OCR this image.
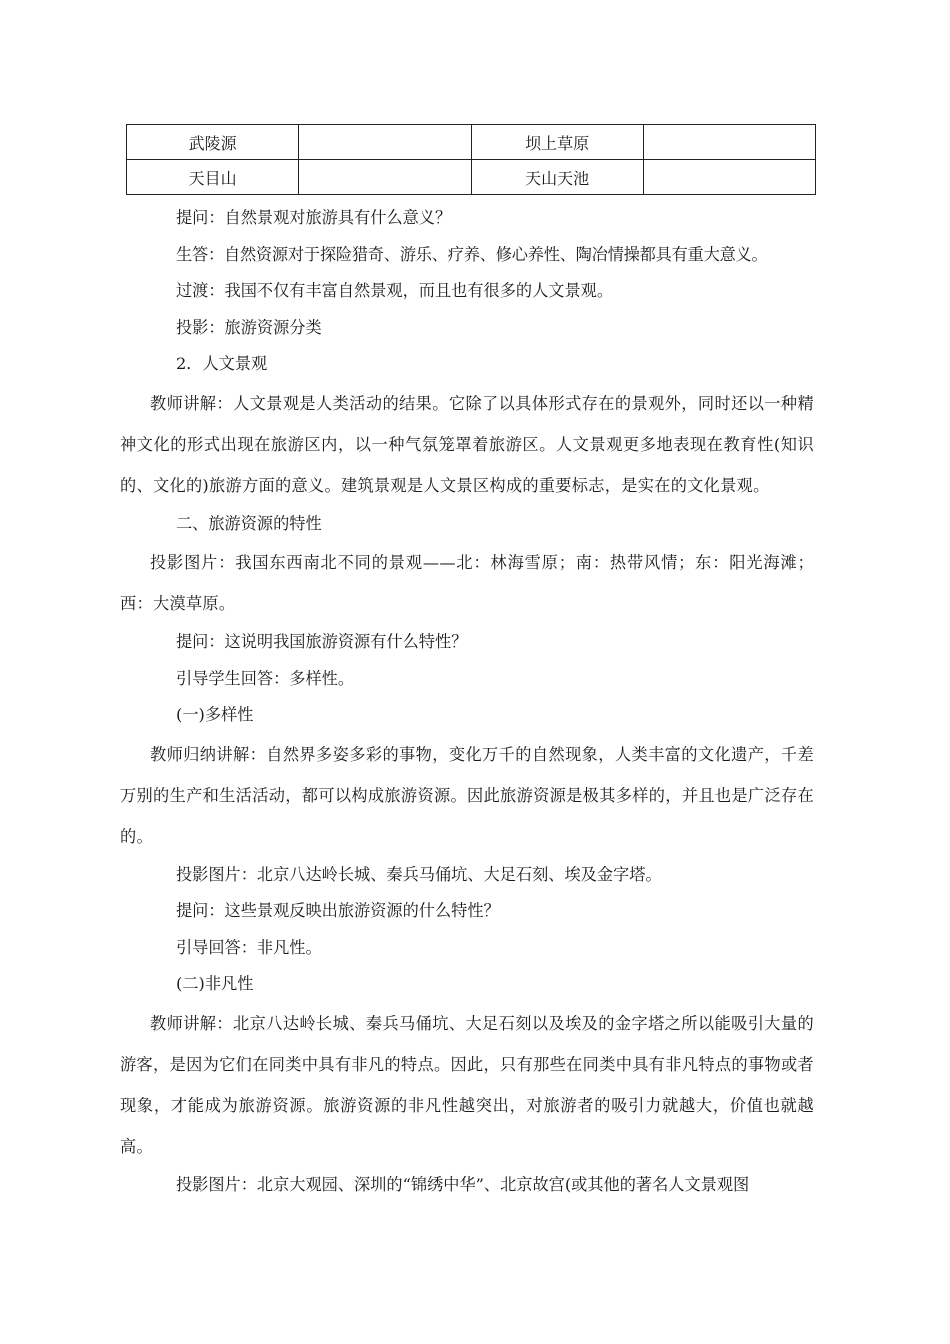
武陵源		坝上草原	
天目山		天山天池	

提问：自然景观对旅游具有什么意义？

生答：自然资源对于探险猎奇、游乐、疗养、修心养性、陶冶情操都具有重大意义。

过渡：我国不仅有丰富自然景观，而且也有很多的人文景观。

投影：旅游资源分类

2．人文景观

教师讲解：人文景观是人类活动的结果。它除了以具体形式存在的景观外，同时还以一种精神文化的形式出现在旅游区内，以一种气氛笼罩着旅游区。人文景观更多地表现在教育性(知识的、文化的)旅游方面的意义。建筑景观是人文景区构成的重要标志，是实在的文化景观。

二、旅游资源的特性

投影图片：我国东西南北不同的景观——北：林海雪原；南：热带风情；东：阳光海滩；西：大漠草原。

提问：这说明我国旅游资源有什么特性？

引导学生回答：多样性。

(一)多样性

教师归纳讲解：自然界多姿多彩的事物，变化万千的自然现象，人类丰富的文化遗产，千差万别的生产和生活活动，都可以构成旅游资源。因此旅游资源是极其多样的，并且也是广泛存在的。

投影图片：北京八达岭长城、秦兵马俑坑、大足石刻、埃及金字塔。

提问：这些景观反映出旅游资源的什么特性？

引导回答：非凡性。

(二)非凡性

教师讲解：北京八达岭长城、秦兵马俑坑、大足石刻以及埃及的金字塔之所以能吸引大量的游客，是因为它们在同类中具有非凡的特点。因此，只有那些在同类中具有非凡特点的事物或者现象，才能成为旅游资源。旅游资源的非凡性越突出，对旅游者的吸引力就越大，价值也就越高。

投影图片：北京大观园、深圳的“锦绣中华”、北京故宫(或其他的著名人文景观图
